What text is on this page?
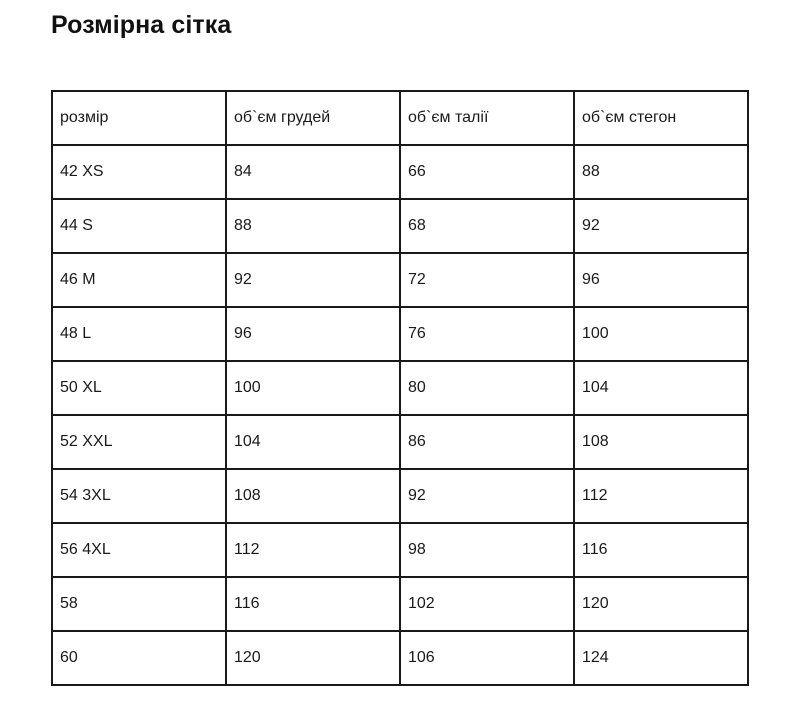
Розмірна сітка
розмір	об`єм грудей	об`єм талії	об`єм стегон
42 XS	84	66	88
44 S	88	68	92
46 M	92	72	96
48 L	96	76	100
50 XL	100	80	104
52 XXL	104	86	108
54 3XL	108	92	112
56 4XL	112	98	116
58	116	102	120
60	120	106	124
